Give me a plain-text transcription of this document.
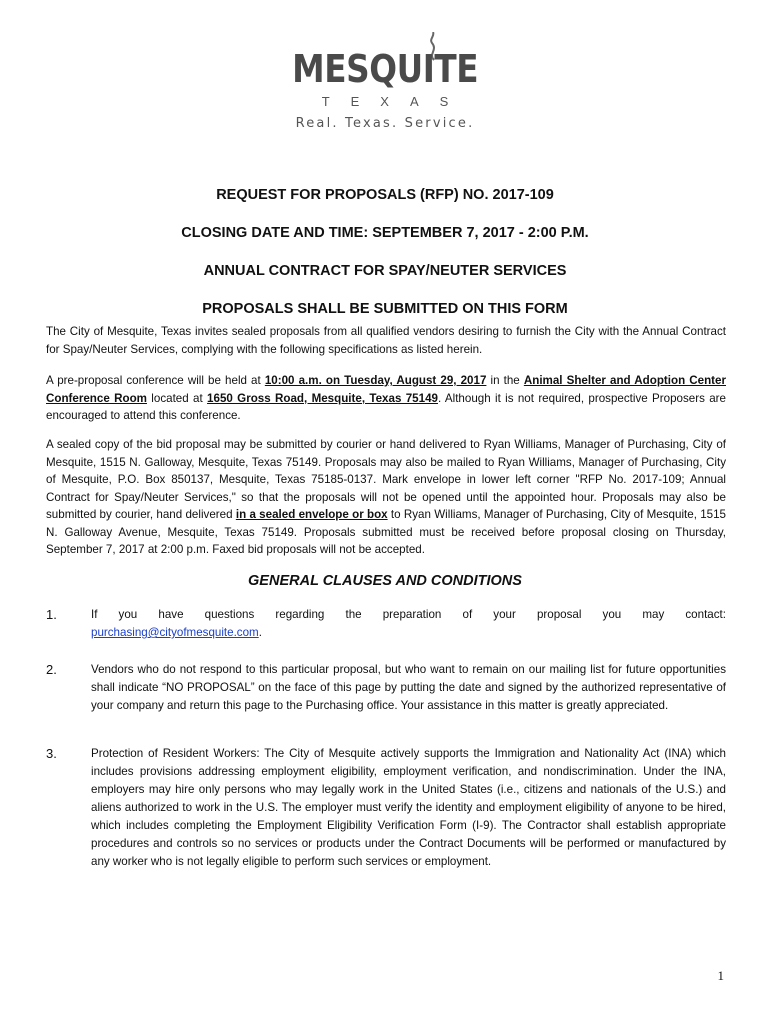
MESQUITE
TEXAS
Real. Texas. Service.

REQUEST FOR PROPOSALS (RFP) NO. 2017-109

CLOSING DATE AND TIME: SEPTEMBER 7, 2017 - 2:00 P.M.

ANNUAL CONTRACT FOR SPAY/NEUTER SERVICES

PROPOSALS SHALL BE SUBMITTED ON THIS FORM

The City of Mesquite, Texas invites sealed proposals from all qualified vendors desiring to furnish the City with the Annual Contract for Spay/Neuter Services, complying with the following specifications as listed herein.

A pre-proposal conference will be held at 10:00 a.m. on Tuesday, August 29, 2017 in the Animal Shelter and Adoption Center Conference Room located at 1650 Gross Road, Mesquite, Texas 75149. Although it is not required, prospective Proposers are encouraged to attend this conference.

A sealed copy of the bid proposal may be submitted by courier or hand delivered to Ryan Williams, Manager of Purchasing, City of Mesquite, 1515 N. Galloway, Mesquite, Texas 75149. Proposals may also be mailed to Ryan Williams, Manager of Purchasing, City of Mesquite, P.O. Box 850137, Mesquite, Texas 75185-0137. Mark envelope in lower left corner "RFP No. 2017-109; Annual Contract for Spay/Neuter Services," so that the proposals will not be opened until the appointed hour. Proposals may also be submitted by courier, hand delivered in a sealed envelope or box to Ryan Williams, Manager of Purchasing, City of Mesquite, 1515 N. Galloway Avenue, Mesquite, Texas 75149. Proposals submitted must be received before proposal closing on Thursday, September 7, 2017 at 2:00 p.m. Faxed bid proposals will not be accepted.

GENERAL CLAUSES AND CONDITIONS
1.	If you have questions regarding the preparation of your proposal you may contact:
purchasing@cityofmesquite.com.
2.	Vendors who do not respond to this particular proposal, but who want to remain on our mailing list for future opportunities shall indicate “NO PROPOSAL” on the face of this page by putting the date and signed by the authorized representative of your company and return this page to the Purchasing office. Your assistance in this matter is greatly appreciated.
3.	Protection of Resident Workers: The City of Mesquite actively supports the Immigration and Nationality Act (INA) which includes provisions addressing employment eligibility, employment verification, and nondiscrimination. Under the INA, employers may hire only persons who may legally work in the United States (i.e., citizens and nationals of the U.S.) and aliens authorized to work in the U.S. The employer must verify the identity and employment eligibility of anyone to be hired, which includes completing the Employment Eligibility Verification Form (I-9). The Contractor shall establish appropriate procedures and controls so no services or products under the Contract Documents will be performed or manufactured by any worker who is not legally eligible to perform such services or employment.
1
